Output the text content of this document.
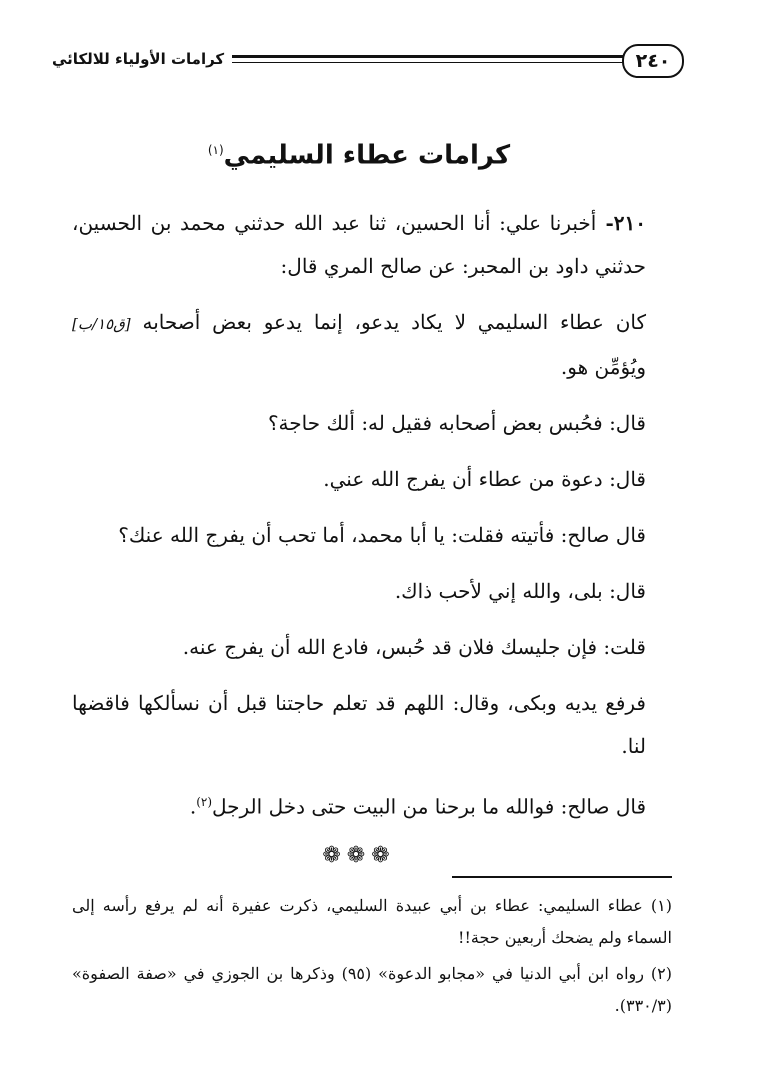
كرامات الأولياء للالكائي	٢٤٠
كرامات عطاء السليمي$^{(١)}$

٢١٠- أخبرنا علي: أنا الحسين، ثنا عبد الله حدثني محمد بن الحسين، حدثني داود بن المحبر: عن صالح المري قال:

كان عطاء السليمي لا يكاد يدعو، إنما يدعو بعض أصحابه [ق١٥/ب] ويُؤمِّن هو.

قال: فحُبس بعض أصحابه فقيل له: ألك حاجة؟

قال: دعوة من عطاء أن يفرج الله عني.

قال صالح: فأتيته فقلت: يا أبا محمد، أما تحب أن يفرج الله عنك؟

قال: بلى، والله إني لأحب ذاك.

قلت: فإن جليسك فلان قد حُبس، فادع الله أن يفرج عنه.

فرفع يديه وبكى، وقال: اللهم قد تعلم حاجتنا قبل أن نسألكها فاقضها لنا.

قال صالح: فوالله ما برحنا من البيت حتى دخل الرجل$^{(٢)}$.

❁❁❁

(١) عطاء السليمي: عطاء بن أبي عبيدة السليمي، ذكرت عفيرة أنه لم يرفع رأسه إلى السماء ولم يضحك أربعين حجة!!

(٢) رواه ابن أبي الدنيا في «مجابو الدعوة» (٩٥) وذكرها بن الجوزي في «صفة الصفوة» (٣٣٠/٣).
